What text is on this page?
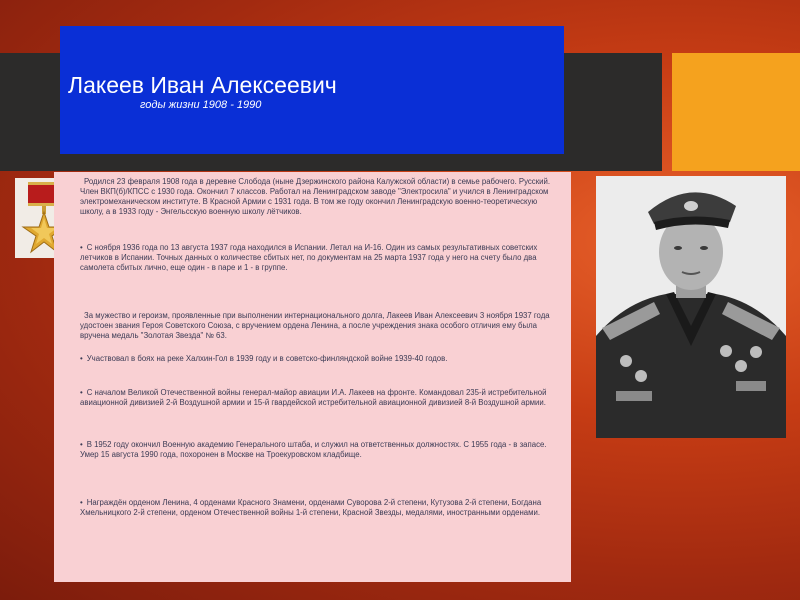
Лакеев Иван Алексеевич
годы жизни 1908 - 1990

Родился 23 февраля 1908 года в деревне Слобода (ныне Дзержинского района Калужской области) в семье рабочего. Русский. Член ВКП(б)/КПСС с 1930 года. Окончил 7 классов. Работал на Ленинградском заводе "Электросила" и учился в Ленинградском электромеханическом институте. В Красной Армии с 1931 года. В том же году окончил Ленинградскую военно-теоретическую школу, а в 1933 году - Энгельсскую военную школу лётчиков.

• С ноября 1936 года по 13 августа 1937 года находился в Испании. Летал на И-16. Один из самых результативных советских летчиков в Испании. Точных данных о количестве сбитых нет, по документам на 25 марта 1937 года у него на счету было два самолета сбитых лично, еще один - в паре и 1 - в группе.

За мужество и героизм, проявленные при выполнении интернационального долга, Лакеев Иван Алексеевич 3 ноября 1937 года удостоен звания Героя Советского Союза, с вручением ордена Ленина, а после учреждения знака особого отличия ему была вручена медаль "Золотая Звезда" № 63.

• Участвовал в боях на реке Халхин-Гол в 1939 году и в советско-финляндской войне 1939-40 годов.

• С началом Великой Отечественной войны генерал-майор авиации И.А. Лакеев на фронте. Командовал 235-й истребительной авиационной дивизией 2-й Воздушной армии и 15-й гвардейской истребительной авиационной дивизией 8-й Воздушной армии.

• В 1952 году окончил Военную академию Генерального штаба, и служил на ответственных должностях. С 1955 года - в запасе. Умер 15 августа 1990 года, похоронен в Москве на Троекуровском кладбище.

• Награждён орденом Ленина, 4 орденами Красного Знамени, орденами Суворова 2-й степени, Кутузова 2-й степени, Богдана Хмельницкого 2-й степени, орденом Отечественной войны 1-й степени, Красной Звезды, медалями, иностранными орденами.
